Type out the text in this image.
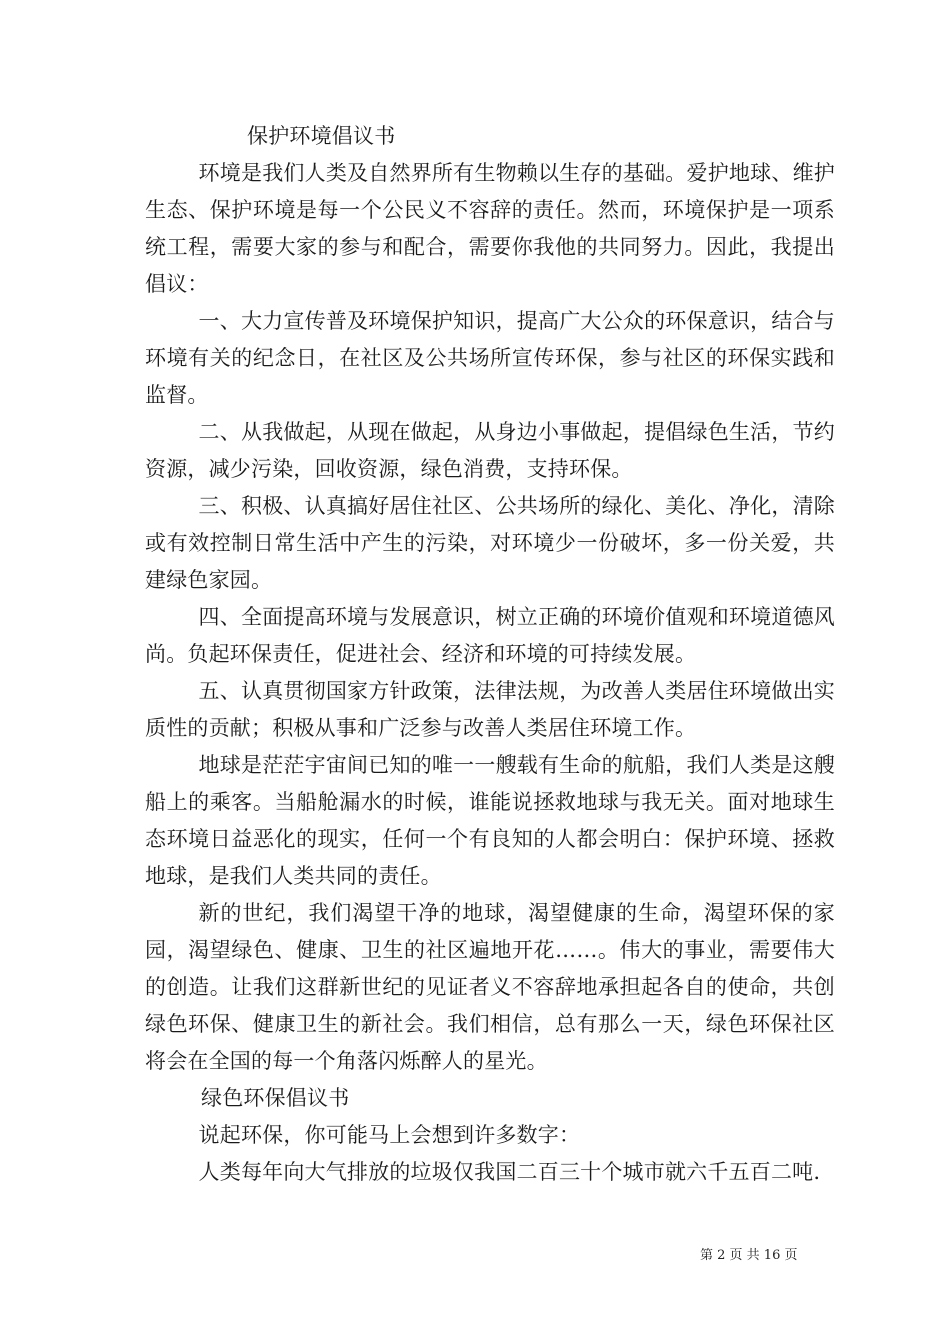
保护环境倡议书

环境是我们人类及自然界所有生物赖以生存的基础。爱护地球、维护生态、保护环境是每一个公民义不容辞的责任。然而，环境保护是一项系统工程，需要大家的参与和配合，需要你我他的共同努力。因此，我提出倡议：

一、大力宣传普及环境保护知识，提高广大公众的环保意识，结合与环境有关的纪念日，在社区及公共场所宣传环保，参与社区的环保实践和监督。

二、从我做起，从现在做起，从身边小事做起，提倡绿色生活，节约资源，减少污染，回收资源，绿色消费，支持环保。

三、积极、认真搞好居住社区、公共场所的绿化、美化、净化，清除或有效控制日常生活中产生的污染，对环境少一份破坏，多一份关爱，共建绿色家园。

四、全面提高环境与发展意识，树立正确的环境价值观和环境道德风尚。负起环保责任，促进社会、经济和环境的可持续发展。

五、认真贯彻国家方针政策，法律法规，为改善人类居住环境做出实质性的贡献；积极从事和广泛参与改善人类居住环境工作。

地球是茫茫宇宙间已知的唯一一艘载有生命的航船，我们人类是这艘船上的乘客。当船舱漏水的时候，谁能说拯救地球与我无关。面对地球生态环境日益恶化的现实，任何一个有良知的人都会明白：保护环境、拯救地球，是我们人类共同的责任。

新的世纪，我们渴望干净的地球，渴望健康的生命，渴望环保的家园，渴望绿色、健康、卫生的社区遍地开花……。伟大的事业，需要伟大的创造。让我们这群新世纪的见证者义不容辞地承担起各自的使命，共创绿色环保、健康卫生的新社会。我们相信，总有那么一天，绿色环保社区将会在全国的每一个角落闪烁醉人的星光。

绿色环保倡议书

说起环保，你可能马上会想到许多数字：

人类每年向大气排放的垃圾仅我国二百三十个城市就六千五百二吨.

第 2 页 共 16 页
